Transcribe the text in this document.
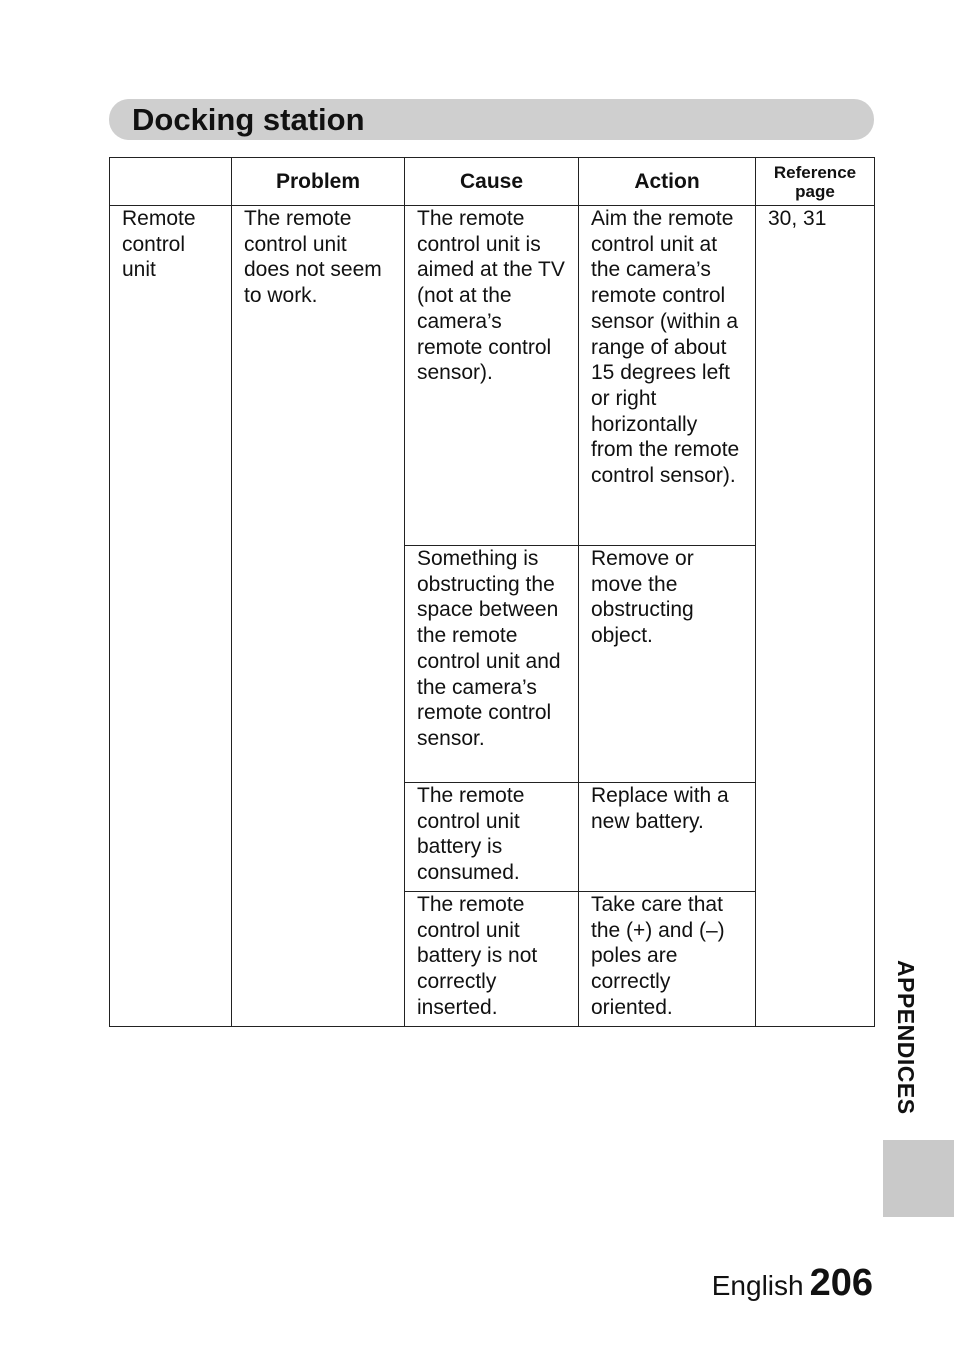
Docking station
	Problem	Cause	Action	Reference page
Remote control unit	The remote control unit does not seem to work.	The remote control unit is aimed at the TV (not at the camera’s remote control sensor).	Aim the remote control unit at the camera’s remote control sensor (within a range of about 15 degrees left or right horizontally from the remote control sensor).	30, 31
		Something is obstructing the space between the remote control unit and the camera’s remote control sensor.	Remove or move the obstructing object.	
		The remote control unit battery is consumed.	Replace with a new battery.	
		The remote control unit battery is not correctly inserted.	Take care that the (+) and (–) poles are correctly oriented.		APPENDICES
English 206
